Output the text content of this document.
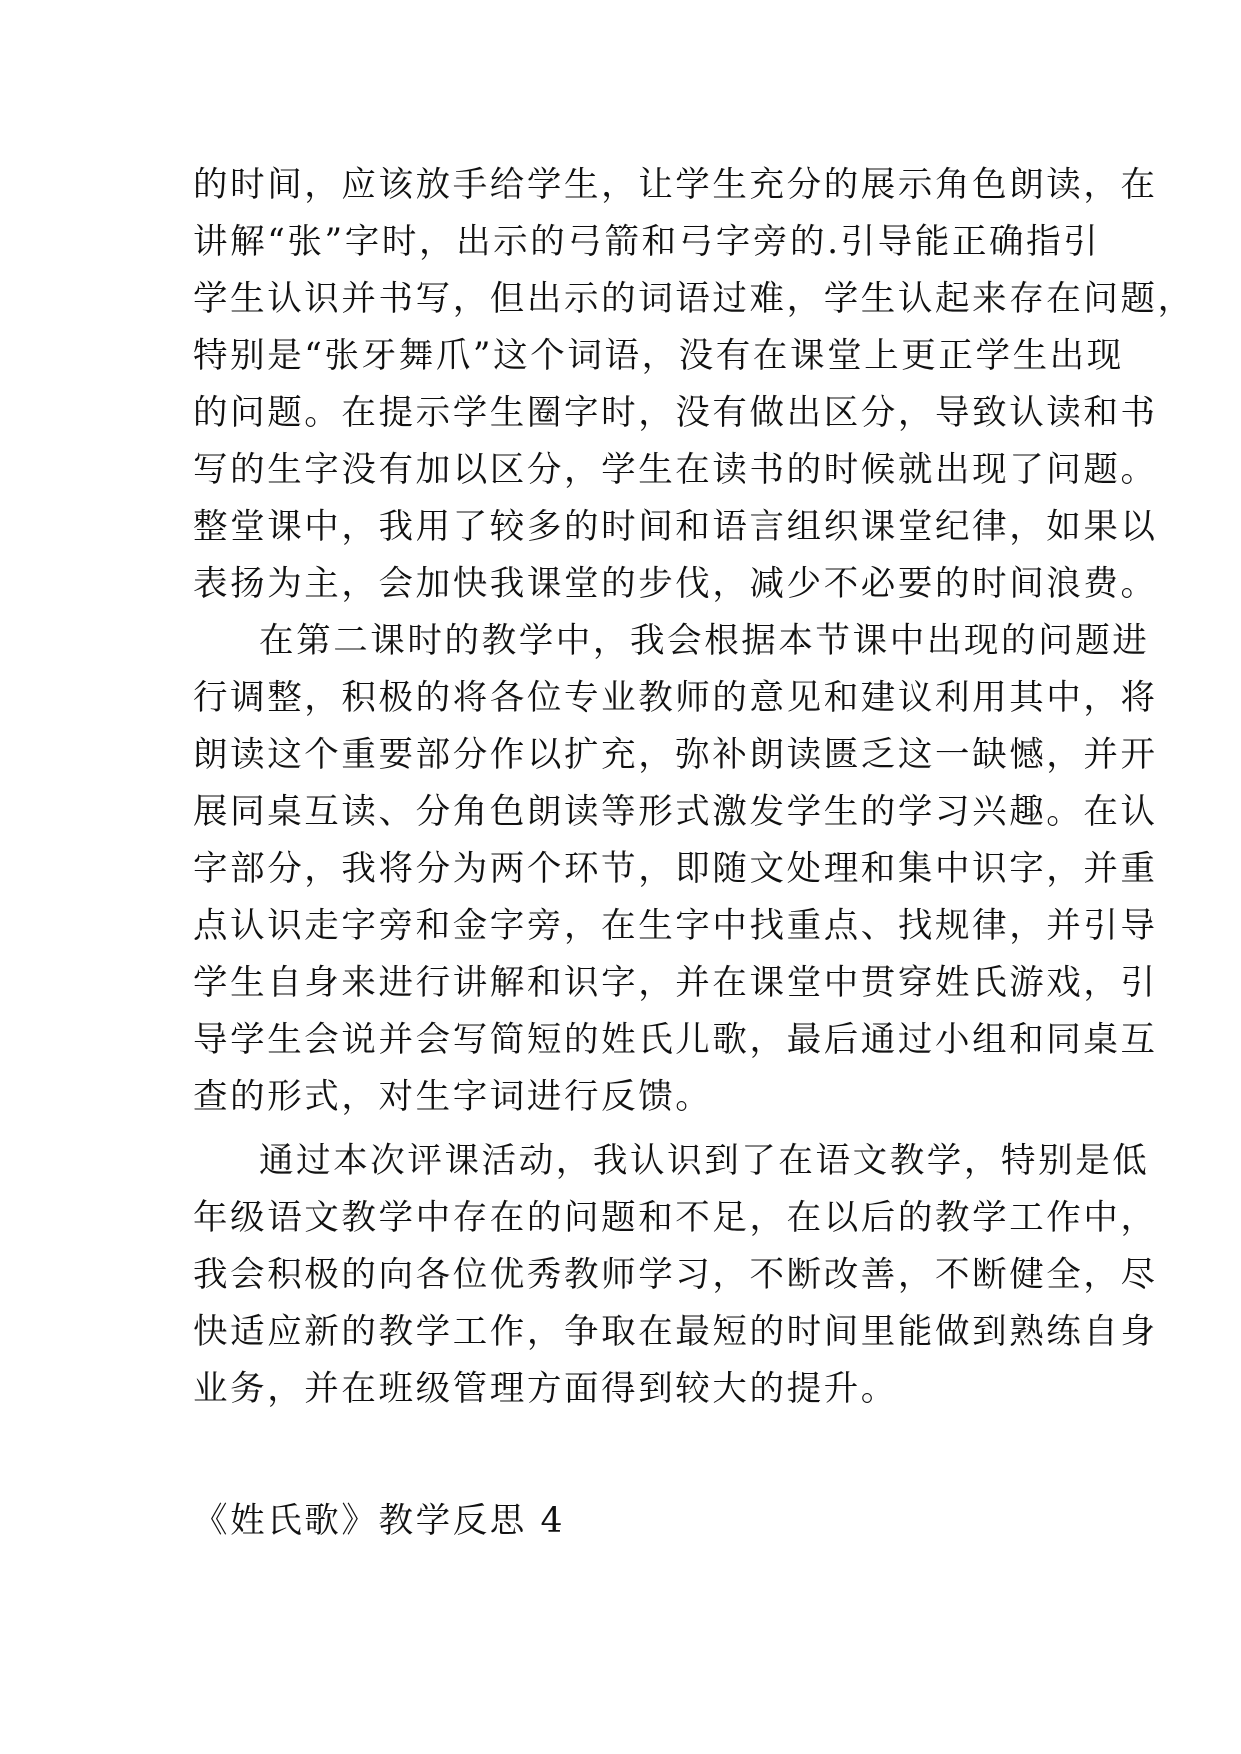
的时间，应该放手给学生，让学生充分的展示角色朗读，在

讲解“张”字时，出示的弓箭和弓字旁的.引导能正确指引

学生认识并书写，但出示的词语过难，学生认起来存在问题，

特别是“张牙舞爪”这个词语，没有在课堂上更正学生出现

的问题。在提示学生圈字时，没有做出区分，导致认读和书

写的生字没有加以区分，学生在读书的时候就出现了问题。

整堂课中，我用了较多的时间和语言组织课堂纪律，如果以

表扬为主，会加快我课堂的步伐，减少不必要的时间浪费。

在第二课时的教学中，我会根据本节课中出现的问题进

行调整，积极的将各位专业教师的意见和建议利用其中，将

朗读这个重要部分作以扩充，弥补朗读匮乏这一缺憾，并开

展同桌互读、分角色朗读等形式激发学生的学习兴趣。在认

字部分，我将分为两个环节，即随文处理和集中识字，并重

点认识走字旁和金字旁，在生字中找重点、找规律，并引导

学生自身来进行讲解和识字，并在课堂中贯穿姓氏游戏，引

导学生会说并会写简短的姓氏儿歌，最后通过小组和同桌互

查的形式，对生字词进行反馈。

通过本次评课活动，我认识到了在语文教学，特别是低

年级语文教学中存在的问题和不足，在以后的教学工作中，

我会积极的向各位优秀教师学习，不断改善，不断健全，尽

快适应新的教学工作，争取在最短的时间里能做到熟练自身

业务，并在班级管理方面得到较大的提升。

《姓氏歌》教学反思 4
